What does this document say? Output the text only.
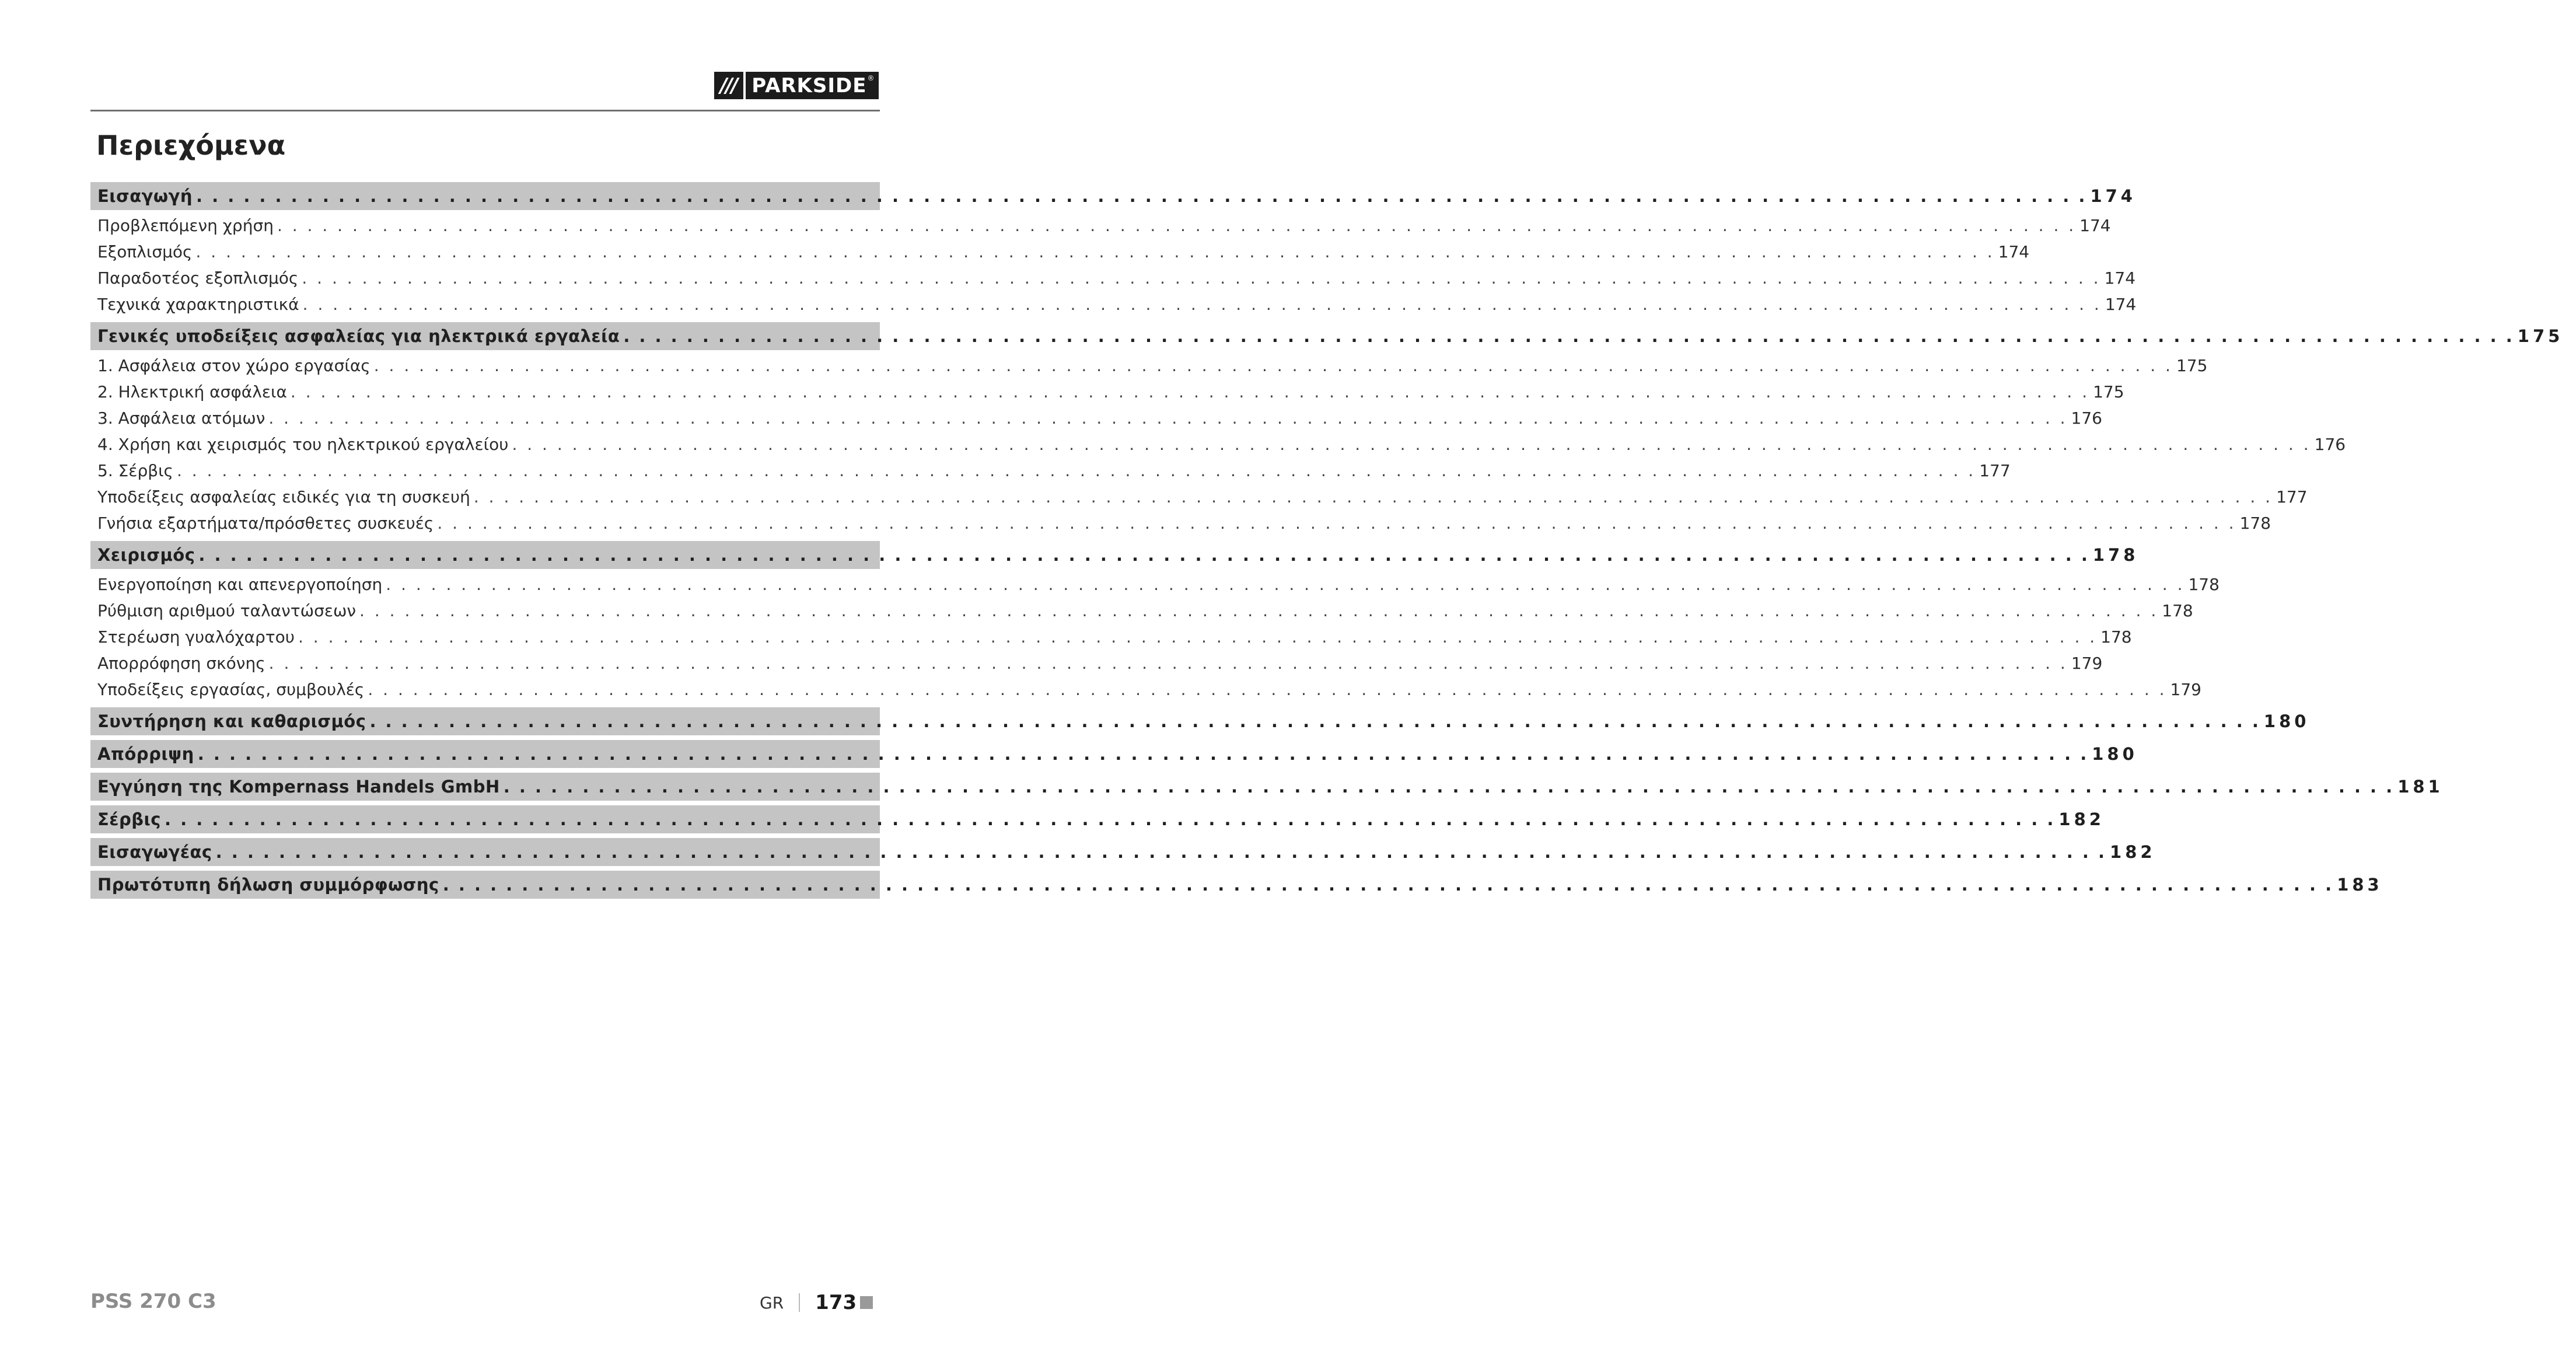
/// PARKSIDE ®
Περιεχόμενα
Εισαγωγή . . . . . . . . . . . . . . . . . . . . . . . . . . . . . . . . . . . . . . . . . . . . . . . . . . . . . . . . . . . . . . . . . . . . . . . . . . . . . . . . . . . . . . . . . . . . . . . . . . . . . . . . . . . . . . . . . . . . . . . . 174
Προβλεπόμενη χρήση . . . . . . . . . . . . . . . . . . . . . . . . . . . . . . . . . . . . . . . . . . . . . . . . . . . . . . . . . . . . . . . . . . . . . . . . . . . . . . . . . . . . . . . . . . . . . . . . . . . . . . . . . . . . . . . . . . . . . . . . 174
Εξοπλισμός . . . . . . . . . . . . . . . . . . . . . . . . . . . . . . . . . . . . . . . . . . . . . . . . . . . . . . . . . . . . . . . . . . . . . . . . . . . . . . . . . . . . . . . . . . . . . . . . . . . . . . . . . . . . . . . . . . . . . . . . 174
Παραδοτέος εξοπλισμός . . . . . . . . . . . . . . . . . . . . . . . . . . . . . . . . . . . . . . . . . . . . . . . . . . . . . . . . . . . . . . . . . . . . . . . . . . . . . . . . . . . . . . . . . . . . . . . . . . . . . . . . . . . . . . . . . . . . . . . . 174
Τεχνικά χαρακτηριστικά . . . . . . . . . . . . . . . . . . . . . . . . . . . . . . . . . . . . . . . . . . . . . . . . . . . . . . . . . . . . . . . . . . . . . . . . . . . . . . . . . . . . . . . . . . . . . . . . . . . . . . . . . . . . . . . . . . . . . . . . 174
Γενικές υποδείξεις ασφαλείας για ηλεκτρικά εργαλεία . . . . . . . . . . . . . . . . . . . . . . . . . . . . . . . . . . . . . . . . . . . . . . . . . . . . . . . . . . . . . . . . . . . . . . . . . . . . . . . . . . . . . . . . . . . . . . . . . . . . . . . . . . . . . . . . . . . . . . . . 175
1. Ασφάλεια στον χώρο εργασίας . . . . . . . . . . . . . . . . . . . . . . . . . . . . . . . . . . . . . . . . . . . . . . . . . . . . . . . . . . . . . . . . . . . . . . . . . . . . . . . . . . . . . . . . . . . . . . . . . . . . . . . . . . . . . . . . . . . . . . . . 175
2. Ηλεκτρική ασφάλεια . . . . . . . . . . . . . . . . . . . . . . . . . . . . . . . . . . . . . . . . . . . . . . . . . . . . . . . . . . . . . . . . . . . . . . . . . . . . . . . . . . . . . . . . . . . . . . . . . . . . . . . . . . . . . . . . . . . . . . . . 175
3. Ασφάλεια ατόμων . . . . . . . . . . . . . . . . . . . . . . . . . . . . . . . . . . . . . . . . . . . . . . . . . . . . . . . . . . . . . . . . . . . . . . . . . . . . . . . . . . . . . . . . . . . . . . . . . . . . . . . . . . . . . . . . . . . . . . . . 176
4. Χρήση και χειρισμός του ηλεκτρικού εργαλείου . . . . . . . . . . . . . . . . . . . . . . . . . . . . . . . . . . . . . . . . . . . . . . . . . . . . . . . . . . . . . . . . . . . . . . . . . . . . . . . . . . . . . . . . . . . . . . . . . . . . . . . . . . . . . . . . . . . . . . . . 176
5. Σέρβις . . . . . . . . . . . . . . . . . . . . . . . . . . . . . . . . . . . . . . . . . . . . . . . . . . . . . . . . . . . . . . . . . . . . . . . . . . . . . . . . . . . . . . . . . . . . . . . . . . . . . . . . . . . . . . . . . . . . . . . . 177
Υποδείξεις ασφαλείας ειδικές για τη συσκευή . . . . . . . . . . . . . . . . . . . . . . . . . . . . . . . . . . . . . . . . . . . . . . . . . . . . . . . . . . . . . . . . . . . . . . . . . . . . . . . . . . . . . . . . . . . . . . . . . . . . . . . . . . . . . . . . . . . . . . . . 177
Γνήσια εξαρτήματα/πρόσθετες συσκευές . . . . . . . . . . . . . . . . . . . . . . . . . . . . . . . . . . . . . . . . . . . . . . . . . . . . . . . . . . . . . . . . . . . . . . . . . . . . . . . . . . . . . . . . . . . . . . . . . . . . . . . . . . . . . . . . . . . . . . . . 178
Χειρισμός . . . . . . . . . . . . . . . . . . . . . . . . . . . . . . . . . . . . . . . . . . . . . . . . . . . . . . . . . . . . . . . . . . . . . . . . . . . . . . . . . . . . . . . . . . . . . . . . . . . . . . . . . . . . . . . . . . . . . . . . 178
Ενεργοποίηση και απενεργοποίηση . . . . . . . . . . . . . . . . . . . . . . . . . . . . . . . . . . . . . . . . . . . . . . . . . . . . . . . . . . . . . . . . . . . . . . . . . . . . . . . . . . . . . . . . . . . . . . . . . . . . . . . . . . . . . . . . . . . . . . . . 178
Ρύθμιση αριθμού ταλαντώσεων . . . . . . . . . . . . . . . . . . . . . . . . . . . . . . . . . . . . . . . . . . . . . . . . . . . . . . . . . . . . . . . . . . . . . . . . . . . . . . . . . . . . . . . . . . . . . . . . . . . . . . . . . . . . . . . . . . . . . . . . 178
Στερέωση γυαλόχαρτου . . . . . . . . . . . . . . . . . . . . . . . . . . . . . . . . . . . . . . . . . . . . . . . . . . . . . . . . . . . . . . . . . . . . . . . . . . . . . . . . . . . . . . . . . . . . . . . . . . . . . . . . . . . . . . . . . . . . . . . . 178
Απορρόφηση σκόνης . . . . . . . . . . . . . . . . . . . . . . . . . . . . . . . . . . . . . . . . . . . . . . . . . . . . . . . . . . . . . . . . . . . . . . . . . . . . . . . . . . . . . . . . . . . . . . . . . . . . . . . . . . . . . . . . . . . . . . . . 179
Υποδείξεις εργασίας, συμβουλές . . . . . . . . . . . . . . . . . . . . . . . . . . . . . . . . . . . . . . . . . . . . . . . . . . . . . . . . . . . . . . . . . . . . . . . . . . . . . . . . . . . . . . . . . . . . . . . . . . . . . . . . . . . . . . . . . . . . . . . . 179
Συντήρηση και καθαρισμός . . . . . . . . . . . . . . . . . . . . . . . . . . . . . . . . . . . . . . . . . . . . . . . . . . . . . . . . . . . . . . . . . . . . . . . . . . . . . . . . . . . . . . . . . . . . . . . . . . . . . . . . . . . . . . . . . . . . . . . . 180
Απόρριψη . . . . . . . . . . . . . . . . . . . . . . . . . . . . . . . . . . . . . . . . . . . . . . . . . . . . . . . . . . . . . . . . . . . . . . . . . . . . . . . . . . . . . . . . . . . . . . . . . . . . . . . . . . . . . . . . . . . . . . . . 180
Εγγύηση της Kompernass Handels GmbH . . . . . . . . . . . . . . . . . . . . . . . . . . . . . . . . . . . . . . . . . . . . . . . . . . . . . . . . . . . . . . . . . . . . . . . . . . . . . . . . . . . . . . . . . . . . . . . . . . . . . . . . . . . . . . . . . . . . . . . . 181
Σέρβις . . . . . . . . . . . . . . . . . . . . . . . . . . . . . . . . . . . . . . . . . . . . . . . . . . . . . . . . . . . . . . . . . . . . . . . . . . . . . . . . . . . . . . . . . . . . . . . . . . . . . . . . . . . . . . . . . . . . . . . . 182
Εισαγωγέας . . . . . . . . . . . . . . . . . . . . . . . . . . . . . . . . . . . . . . . . . . . . . . . . . . . . . . . . . . . . . . . . . . . . . . . . . . . . . . . . . . . . . . . . . . . . . . . . . . . . . . . . . . . . . . . . . . . . . . . . 182
Πρωτότυπη δήλωση συμμόρφωσης . . . . . . . . . . . . . . . . . . . . . . . . . . . . . . . . . . . . . . . . . . . . . . . . . . . . . . . . . . . . . . . . . . . . . . . . . . . . . . . . . . . . . . . . . . . . . . . . . . . . . . . . . . . . . . . . . . . . . . . . 183
PSS 270 C3	GR 173
